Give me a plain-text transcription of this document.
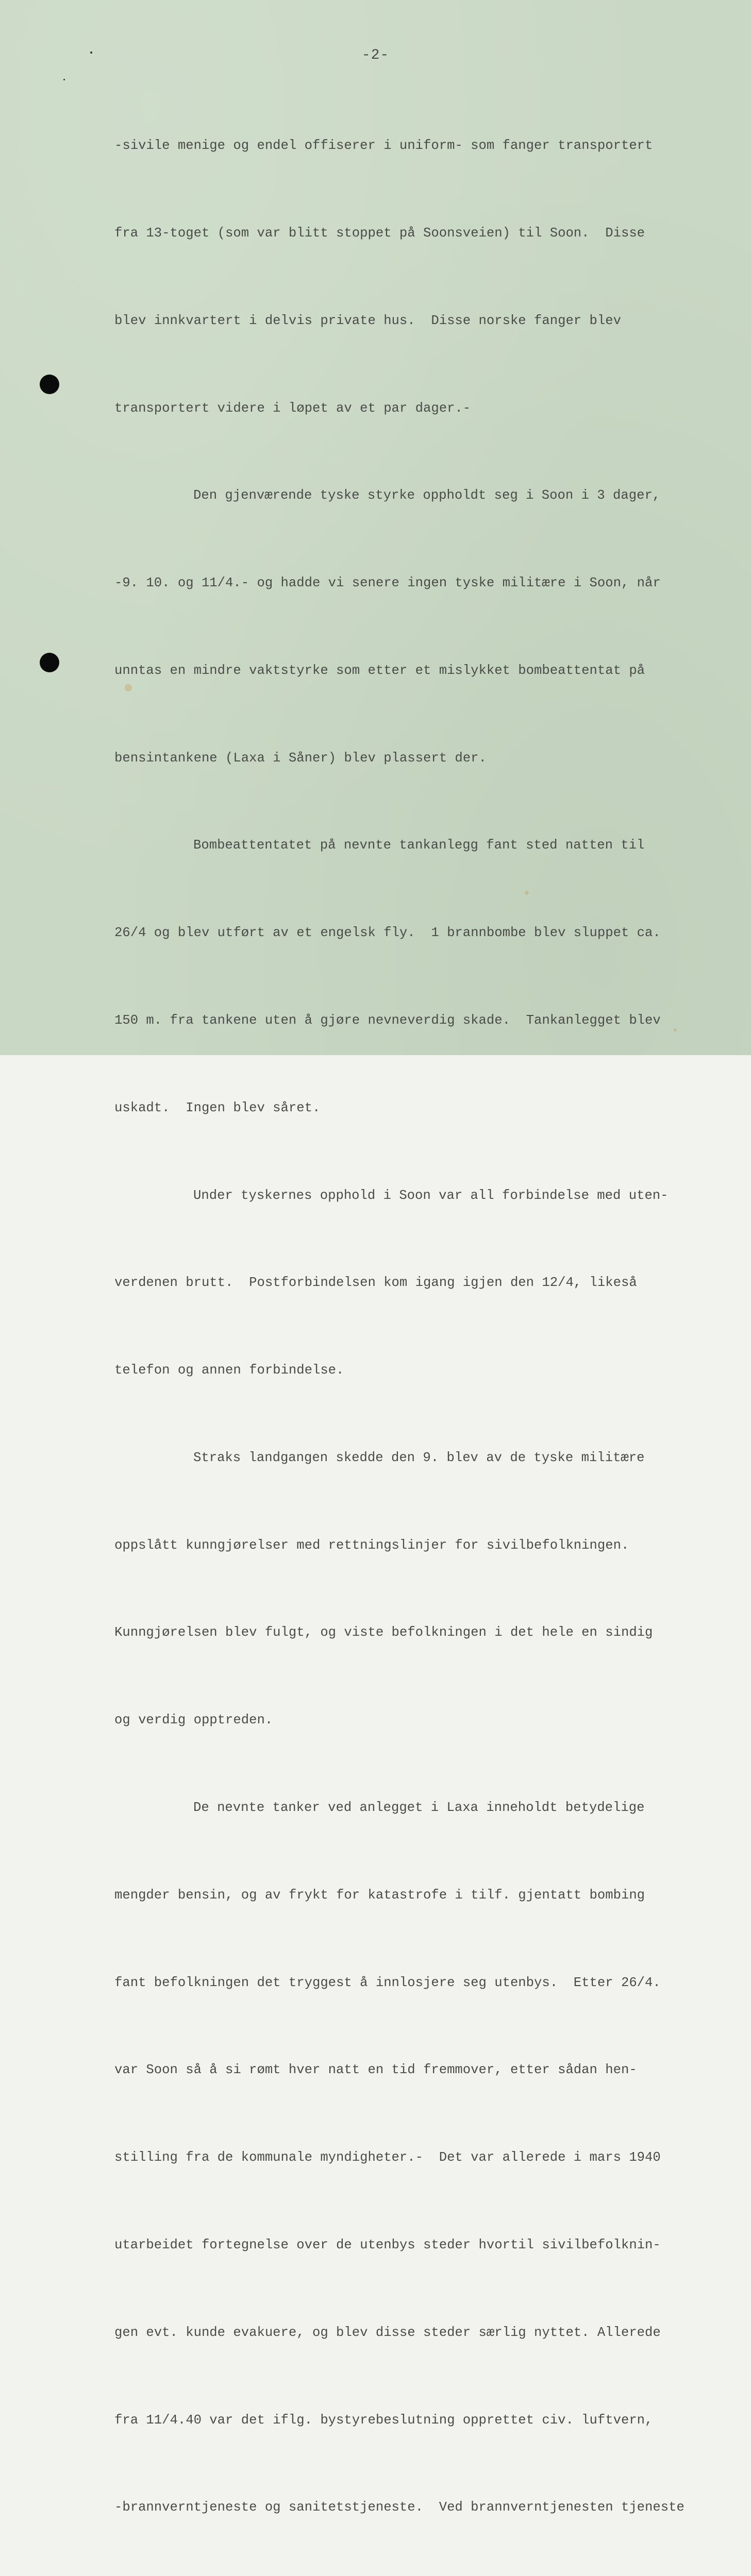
-2-

-sivile menige og endel offiserer i uniform- som fanger transportert

fra 13-toget (som var blitt stoppet på Soonsveien) til Soon.  Disse

blev innkvartert i delvis private hus.  Disse norske fanger blev

transportert videre i løpet av et par dager.-

Den gjenværende tyske styrke oppholdt seg i Soon i 3 dager,

-9. 10. og 11/4.- og hadde vi senere ingen tyske militære i Soon, når

unntas en mindre vaktstyrke som etter et mislykket bombeattentat på

bensintankene (Laxa i Såner) blev plassert der.

Bombeattentatet på nevnte tankanlegg fant sted natten til

26/4 og blev utført av et engelsk fly.  1 brannbombe blev sluppet ca.

150 m. fra tankene uten å gjøre nevneverdig skade.  Tankanlegget blev

uskadt.  Ingen blev såret.

Under tyskernes opphold i Soon var all forbindelse med uten-

verdenen brutt.  Postforbindelsen kom igang igjen den 12/4, likeså

telefon og annen forbindelse.

Straks landgangen skedde den 9. blev av de tyske militære

oppslått kunngjørelser med rettningslinjer for sivilbefolkningen.

Kunngjørelsen blev fulgt, og viste befolkningen i det hele en sindig

og verdig opptreden.

De nevnte tanker ved anlegget i Laxa inneholdt betydelige

mengder bensin, og av frykt for katastrofe i tilf. gjentatt bombing

fant befolkningen det tryggest å innlosjere seg utenbys.  Etter 26/4.

var Soon så å si rømt hver natt en tid fremmover, etter sådan hen-

stilling fra de kommunale myndigheter.-  Det var allerede i mars 1940

utarbeidet fortegnelse over de utenbys steder hvortil sivilbefolknin-

gen evt. kunde evakuere, og blev disse steder særlig nyttet. Allerede

fra 11/4.40 var det iflg. bystyrebeslutning opprettet civ. luftvern,

-brannverntjeneste og sanitetstjeneste.  Ved brannverntjenesten tjeneste
